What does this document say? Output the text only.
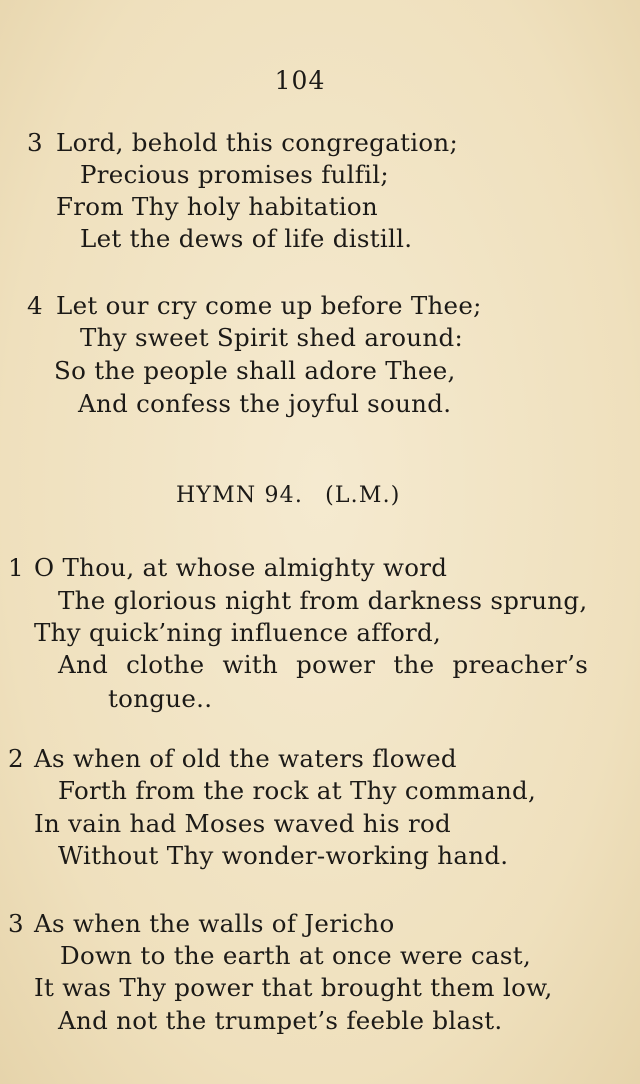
104
3 Lord, behold this congregation;
Precious promises fulfil;
From Thy holy habitation
Let the dews of life distill.
4 Let our cry come up before Thee;
Thy sweet Spirit shed around:
So the people shall adore Thee,
And confess the joyful sound.
HYMN 94. (L.M.)
1 O Thou, at whose almighty word
The glorious night from darkness sprung,
Thy quick’ning influence afford,
And clothe with power the preacher’s
tongue..
2 As when of old the waters flowed
Forth from the rock at Thy command,
In vain had Moses waved his rod
Without Thy wonder-working hand.
3 As when the walls of Jericho
Down to the earth at once were cast,
It was Thy power that brought them low,
And not the trumpet’s feeble blast.
